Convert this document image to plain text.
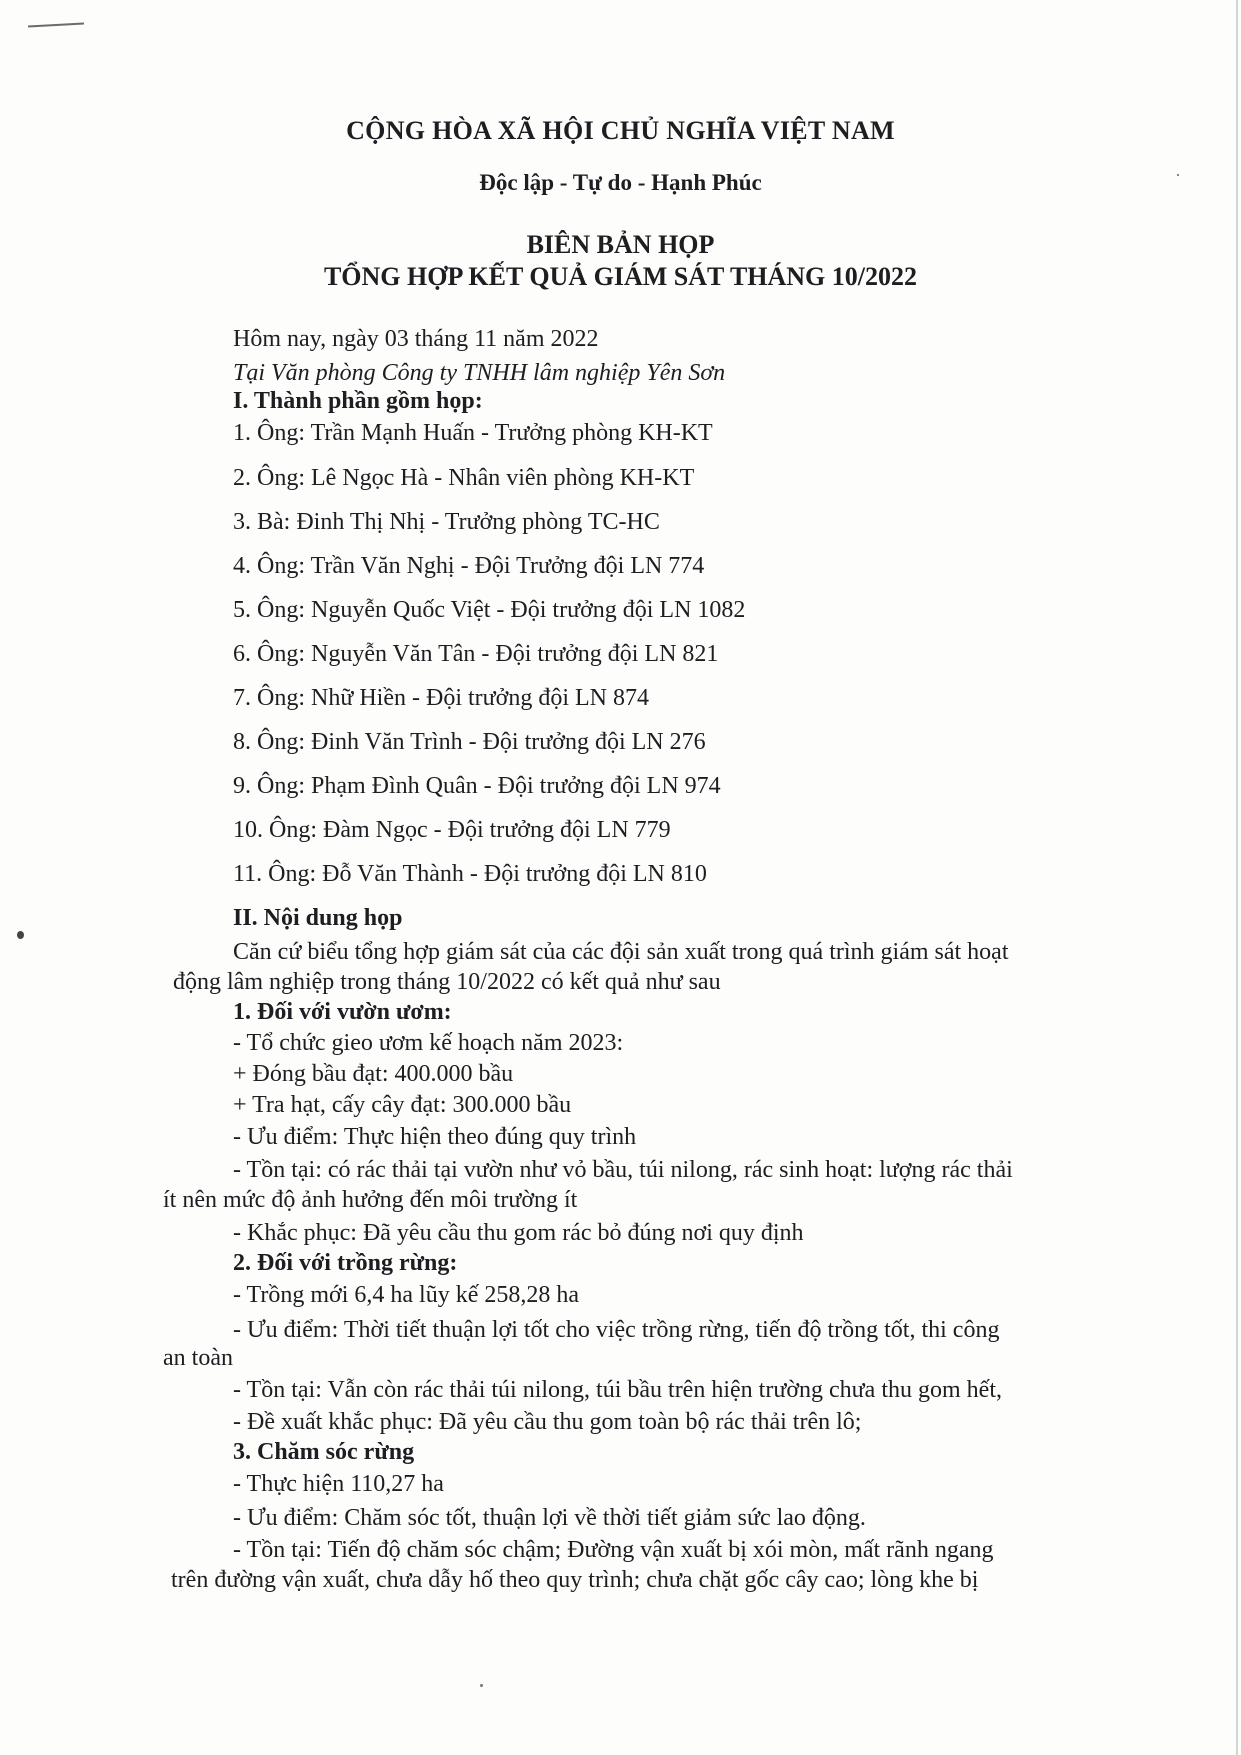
CỘNG HÒA XÃ HỘI CHỦ NGHĨA VIỆT NAM
Độc lập - Tự do - Hạnh Phúc
BIÊN BẢN HỌP
TỔNG HỢP KẾT QUẢ GIÁM SÁT THÁNG 10/2022
Hôm nay, ngày 03 tháng 11 năm 2022
Tại Văn phòng Công ty TNHH lâm nghiệp Yên Sơn
I. Thành phần gồm họp:
1. Ông: Trần Mạnh Huấn - Trưởng phòng KH-KT
2. Ông: Lê Ngọc Hà - Nhân viên phòng KH-KT
3. Bà: Đinh Thị Nhị - Trưởng phòng TC-HC
4. Ông: Trần Văn Nghị - Đội Trưởng đội LN 774
5. Ông: Nguyễn Quốc Việt - Đội trưởng đội LN 1082
6. Ông: Nguyễn Văn Tân - Đội trưởng đội LN 821
7. Ông: Nhữ Hiền - Đội trưởng đội LN 874
8. Ông: Đinh Văn Trình - Đội trưởng đội LN 276
9. Ông: Phạm Đình Quân - Đội trưởng đội LN 974
10. Ông: Đàm Ngọc - Đội trưởng đội LN 779
11. Ông: Đỗ Văn Thành - Đội trưởng đội LN 810
II. Nội dung họp
Căn cứ biểu tổng hợp giám sát của các đội sản xuất trong quá trình giám sát hoạt
động lâm nghiệp trong tháng 10/2022 có kết quả như sau
1. Đối với vườn ươm:
- Tổ chức gieo ươm kế hoạch năm 2023:
+ Đóng bầu đạt: 400.000 bầu
+ Tra hạt, cấy cây đạt: 300.000 bầu
- Ưu điểm: Thực hiện theo đúng quy trình
- Tồn tại: có rác thải tại vườn như vỏ bầu, túi nilong, rác sinh hoạt: lượng rác thải
ít nên mức độ ảnh hưởng đến môi trường ít
- Khắc phục: Đã yêu cầu thu gom rác bỏ đúng nơi quy định
2. Đối với trồng rừng:
- Trồng mới 6,4 ha lũy kế 258,28 ha
- Ưu điểm: Thời tiết thuận lợi tốt cho việc trồng rừng, tiến độ trồng tốt, thi công
an toàn
- Tồn tại: Vẫn còn rác thải túi nilong, túi bầu trên hiện trường chưa thu gom hết,
- Đề xuất khắc phục: Đã yêu cầu thu gom toàn bộ rác thải trên lô;
3. Chăm sóc rừng
- Thực hiện 110,27 ha
- Ưu điểm: Chăm sóc tốt, thuận lợi về thời tiết giảm sức lao động.
- Tồn tại: Tiến độ chăm sóc chậm; Đường vận xuất bị xói mòn, mất rãnh ngang
trên đường vận xuất, chưa dẫy hố theo quy trình; chưa chặt gốc cây cao; lòng khe bị
